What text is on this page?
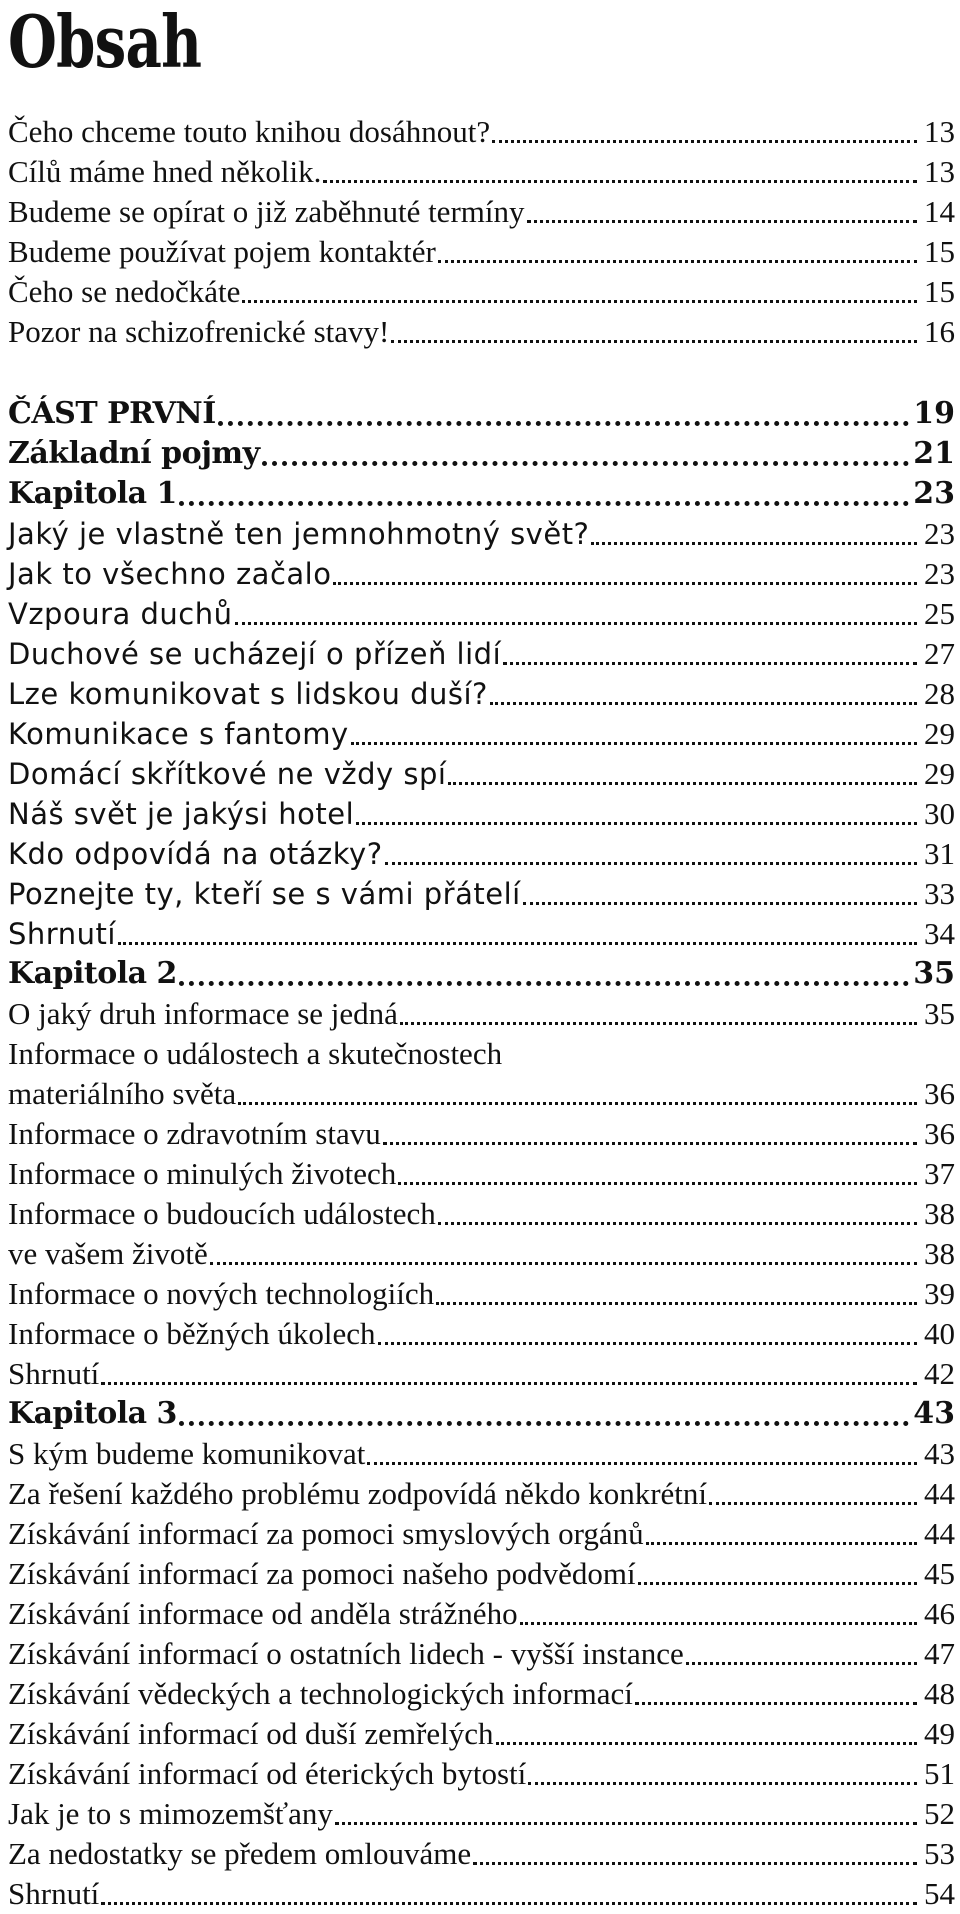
Obsah
Čeho chceme touto knihou dosáhnout?	13
Cílů máme hned několik.	13
Budeme se opírat o již zaběhnuté termíny	14
Budeme používat pojem kontaktér	15
Čeho se nedočkáte	15
Pozor na schizofrenické stavy!	16
ČÁST PRVNÍ	19
Základní pojmy	21
Kapitola 1	23
Jaký je vlastně ten jemnohmotný svět?	23
Jak to všechno začalo	23
Vzpoura duchů	25
Duchové se ucházejí o přízeň lidí	27
Lze komunikovat s lidskou duší?	28
Komunikace s fantomy	29
Domácí skřítkové ne vždy spí	29
Náš svět je jakýsi hotel	30
Kdo odpovídá na otázky?	31
Poznejte ty, kteří se s vámi přátelí	33
Shrnutí	34
Kapitola 2	35
O jaký druh informace se jedná	35
Informace o událostech a skutečnostech
materiálního světa	36
Informace o zdravotním stavu	36
Informace o minulých životech	37
Informace o budoucích událostech	38
ve vašem životě	38
Informace o nových technologiích	39
Informace o běžných úkolech	40
Shrnutí	42
Kapitola 3	43
S kým budeme komunikovat	43
Za řešení každého problému zodpovídá někdo konkrétní	44
Získávání informací za pomoci smyslových orgánů	44
Získávání informací za pomoci našeho podvědomí	45
Získávání informace od anděla strážného	46
Získávání informací o ostatních lidech - vyšší instance	47
Získávání vědeckých a technologických informací	48
Získávání informací od duší zemřelých	49
Získávání informací od éterických bytostí	51
Jak je to s mimozemšťany	52
Za nedostatky se předem omlouváme	53
Shrnutí	54
